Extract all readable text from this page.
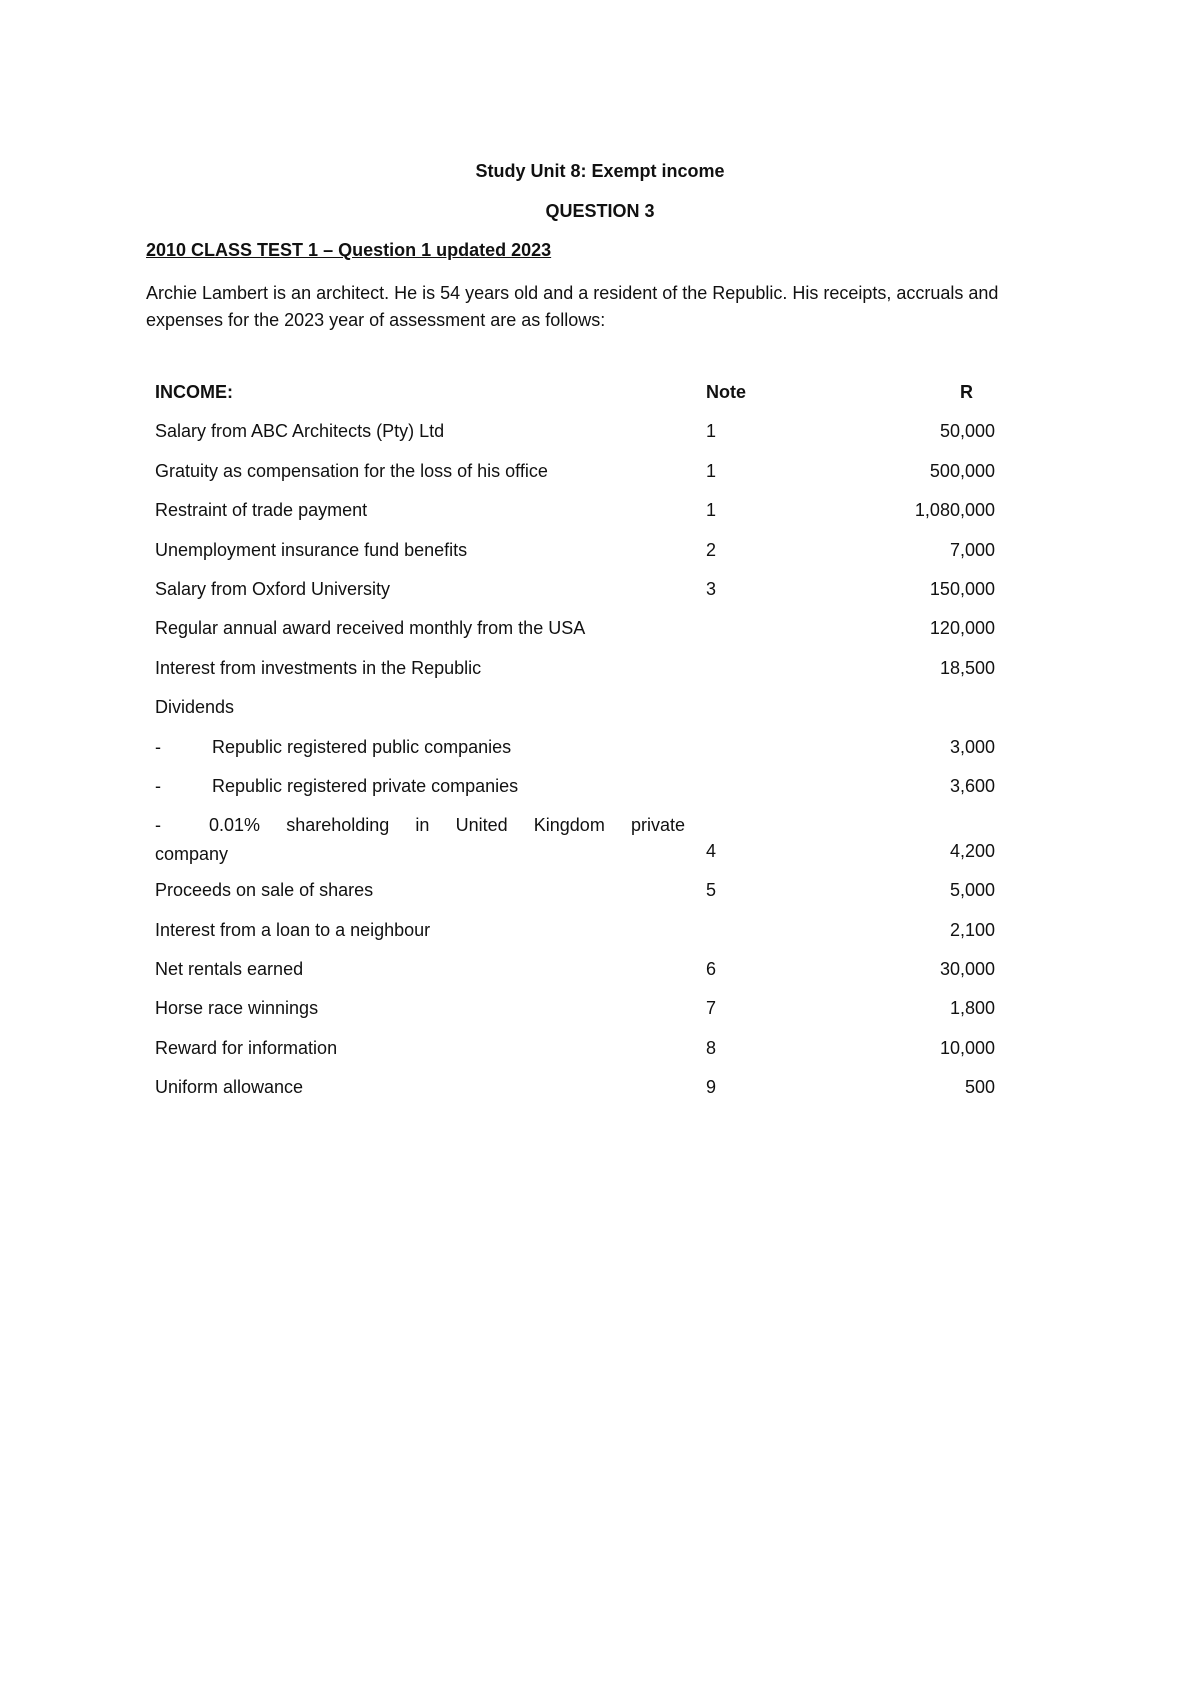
Study Unit 8: Exempt income
QUESTION 3
2010 CLASS TEST 1 – Question 1 updated 2023
Archie Lambert is an architect. He is 54 years old and a resident of the Republic. His receipts, accruals and expenses for the 2023 year of assessment are as follows:
INCOME:	Note	R
Salary from ABC Architects (Pty) Ltd	1	50,000
Gratuity as compensation for the loss of his office	1	500,000
Restraint of trade payment	1	1,080,000
Unemployment insurance fund benefits	2	7,000
Salary from Oxford University	3	150,000
Regular annual award received monthly from the USA	120,000
Interest from investments in the Republic	18,500
Dividends
-	Republic registered public companies	3,000
-	Republic registered private companies	3,600
-	0.01% shareholding in United Kingdom private
company	4	4,200
Proceeds on sale of shares	5	5,000
Interest from a loan to a neighbour	2,100
Net rentals earned	6	30,000
Horse race winnings	7	1,800
Reward for information	8	10,000
Uniform allowance	9	500
